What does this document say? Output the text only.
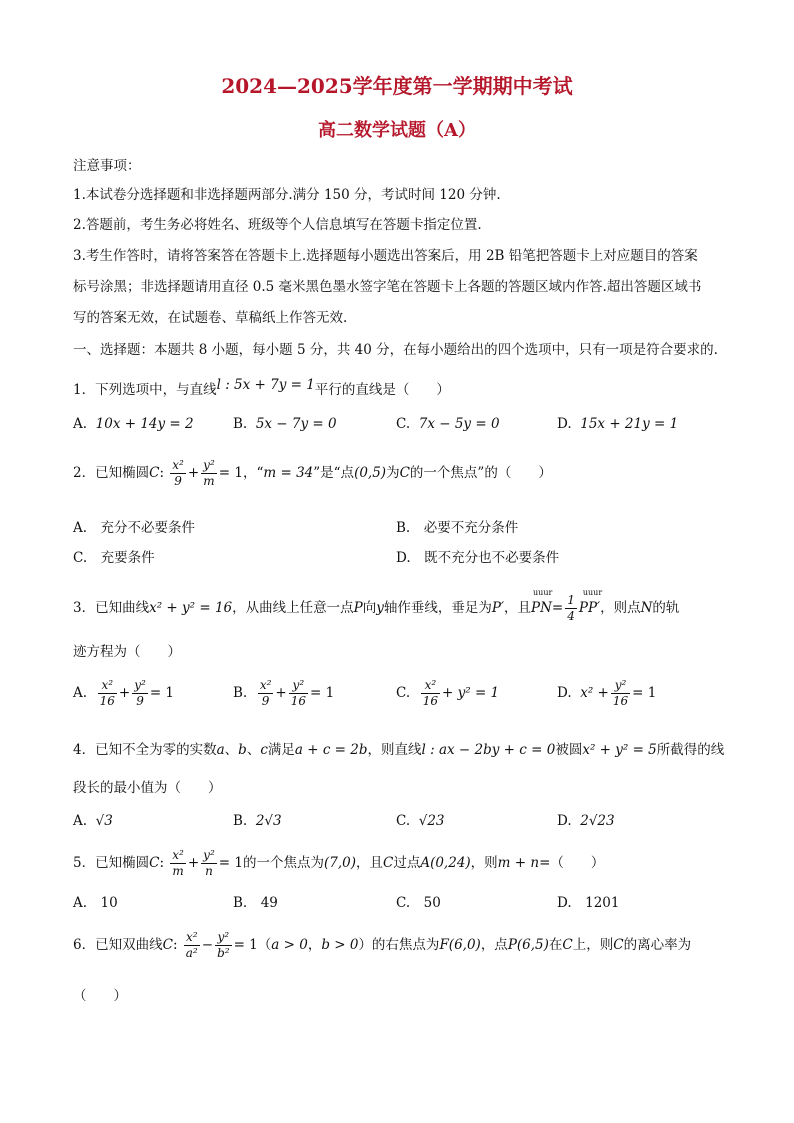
2024—2025学年度第一学期期中考试
高二数学试题（A）
注意事项：
1.本试卷分选择题和非选择题两部分.满分 150 分，考试时间 120 分钟.
2.答题前，考生务必将姓名、班级等个人信息填写在答题卡指定位置.
3.考生作答时，请将答案答在答题卡上.选择题每小题选出答案后，用 2B 铅笔把答题卡上对应题目的答案
标号涂黑；非选择题请用直径 0.5 毫米黑色墨水签字笔在答题卡上各题的答题区域内作答.超出答题区域书
写的答案无效，在试题卷、草稿纸上作答无效.
一、选择题：本题共 8 小题，每小题 5 分，共 40 分，在每小题给出的四个选项中，只有一项是符合要求的.
1．下列选项中，与直线l : 5x + 7y = 1平行的直线是（　　）
A. 10x + 14y = 2	B. 5x − 7y = 0	C. 7x − 5y = 0	D. 15x + 21y = 1
2．已知椭圆C: $\frac{\text{x²}}{9} + \frac{\text{y²}}{m} = 1$，“m = 34”是“点(0,5)为C的一个焦点”的（　　）
A.　充分不必要条件	B.　必要不充分条件
C.　充要条件	D.　既不充分也不必要条件
3．已知曲线x² + y² = 16，从曲线上任意一点P向y轴作垂线，垂足为P′，且
uuur
$PN= \frac{1}{4}$
uuur
PP′，则点N的轨
迹方程为（　　）
A. $\frac{\text{x²}}{16} + \frac{\text{y²}}{9} = 1$	B. $\frac{\text{x²}}{9} + \frac{\text{y²}}{16} = 1$	C. $\frac{\text{x²}}{16} + y^2 = 1$	D. $x^2 + \frac{\text{y²}}{16} = 1$
4．已知不全为零的实数a、b、c满足a + c = 2b，则直线l : ax − 2by + c = 0被圆x² + y² = 5所截得的线
段长的最小值为（　　）
A. √3	B. 2√3	C. √23	D. 2√23
5．已知椭圆C: $\frac{\text{x²}}{m} + \frac{\text{y²}}{n} = 1$的一个焦点为(7,0)，且C过点A(0,24)，则m + n=（　　）
A.　10	B.　49	C.　50	D.　1201
6．已知双曲线C: $\frac{\text{x²}}{\text{a²}} - \frac{\text{y²}}{\text{b²}} = 1(a > 0$，b > 0）的右焦点为F(6,0)，点P(6,5)在C上，则C的离心率为
（　　）
